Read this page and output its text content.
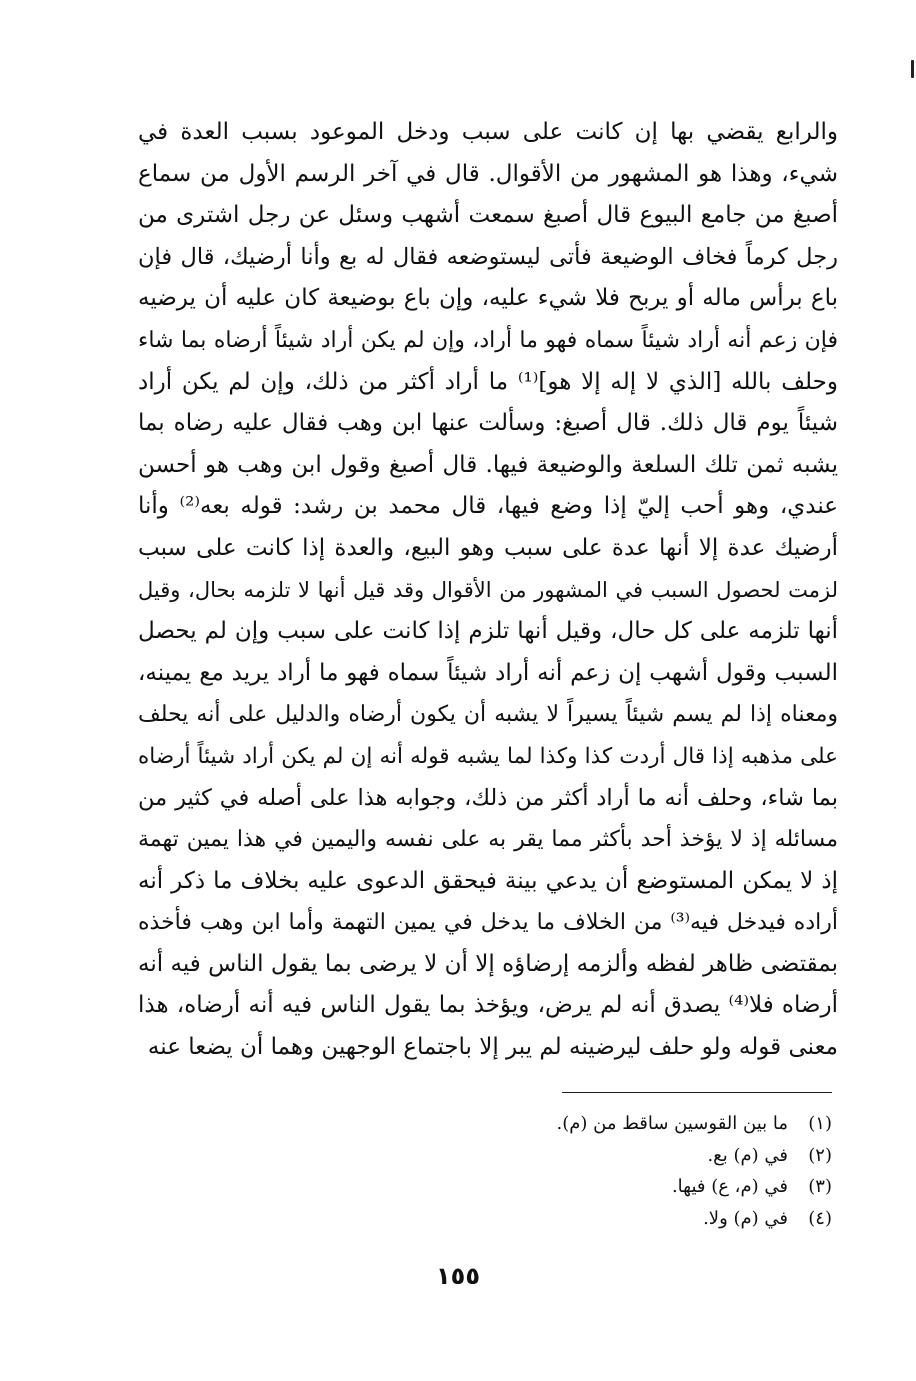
والرابع يقضي بها إن كانت على سبب ودخل الموعود بسبب العدة في
شيء، وهذا هو المشهور من الأقوال. قال في آخر الرسم الأول من سماع
أصبغ من جامع البيوع قال أصبغ سمعت أشهب وسئل عن رجل اشترى من
رجل كرماً فخاف الوضيعة فأتى ليستوضعه فقال له بع وأنا أرضيك، قال فإن
باع برأس ماله أو يربح فلا شيء عليه، وإن باع بوضيعة كان عليه أن يرضيه
فإن زعم أنه أراد شيئاً سماه فهو ما أراد، وإن لم يكن أراد شيئاً أرضاه بما شاء
وحلف بالله [الذي لا إله إلا هو]⁽¹⁾ ما أراد أكثر من ذلك، وإن لم يكن أراد
شيئاً يوم قال ذلك. قال أصبغ: وسألت عنها ابن وهب فقال عليه رضاه بما
يشبه ثمن تلك السلعة والوضيعة فيها. قال أصبغ وقول ابن وهب هو أحسن
عندي، وهو أحب إليّ إذا وضع فيها، قال محمد بن رشد: قوله بعه⁽²⁾ وأنا
أرضيك عدة إلا أنها عدة على سبب وهو البيع، والعدة إذا كانت على سبب
لزمت لحصول السبب في المشهور من الأقوال وقد قيل أنها لا تلزمه بحال، وقيل
أنها تلزمه على كل حال، وقيل أنها تلزم إذا كانت على سبب وإن لم يحصل
السبب وقول أشهب إن زعم أنه أراد شيئاً سماه فهو ما أراد يريد مع يمينه،
ومعناه إذا لم يسم شيئاً يسيراً لا يشبه أن يكون أرضاه والدليل على أنه يحلف
على مذهبه إذا قال أردت كذا وكذا لما يشبه قوله أنه إن لم يكن أراد شيئاً أرضاه
بما شاء، وحلف أنه ما أراد أكثر من ذلك، وجوابه هذا على أصله في كثير من
مسائله إذ لا يؤخذ أحد بأكثر مما يقر به على نفسه واليمين في هذا يمين تهمة
إذ لا يمكن المستوضع أن يدعي بينة فيحقق الدعوى عليه بخلاف ما ذكر أنه
أراده فيدخل فيه⁽³⁾ من الخلاف ما يدخل في يمين التهمة وأما ابن وهب فأخذه
بمقتضى ظاهر لفظه وألزمه إرضاؤه إلا أن لا يرضى بما يقول الناس فيه أنه
أرضاه فلا⁽⁴⁾ يصدق أنه لم يرض، ويؤخذ بما يقول الناس فيه أنه أرضاه، هذا
معنى قوله ولو حلف ليرضينه لم يبر إلا باجتماع الوجهين وهما أن يضعا عنه
(١)ما بين القوسين ساقط من (م).
(٢)في (م) بع.
(٣)في (م، ع) فيها.
(٤)في (م) ولا.
١٥٥
